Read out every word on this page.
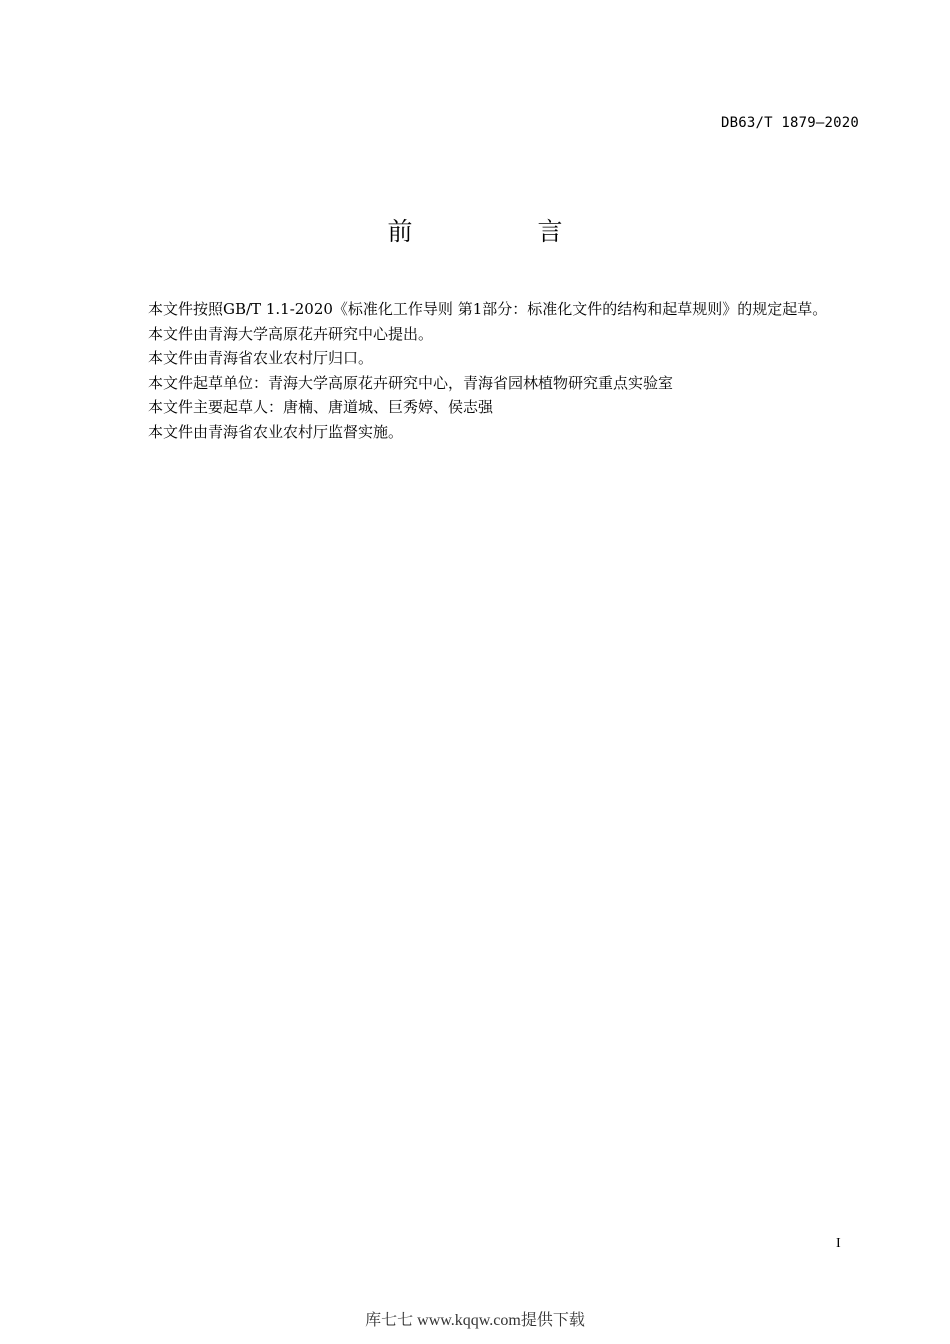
DB63/T 1879—2020
前　言

本文件按照GB/T 1.1-2020《标准化工作导则 第1部分：标准化文件的结构和起草规则》的规定起草。

本文件由青海大学高原花卉研究中心提出。

本文件由青海省农业农村厅归口。

本文件起草单位：青海大学高原花卉研究中心，青海省园林植物研究重点实验室

本文件主要起草人：唐楠、唐道城、巨秀婷、侯志强

本文件由青海省农业农村厅监督实施。

I
库七七 www.kqqw.com提供下载
